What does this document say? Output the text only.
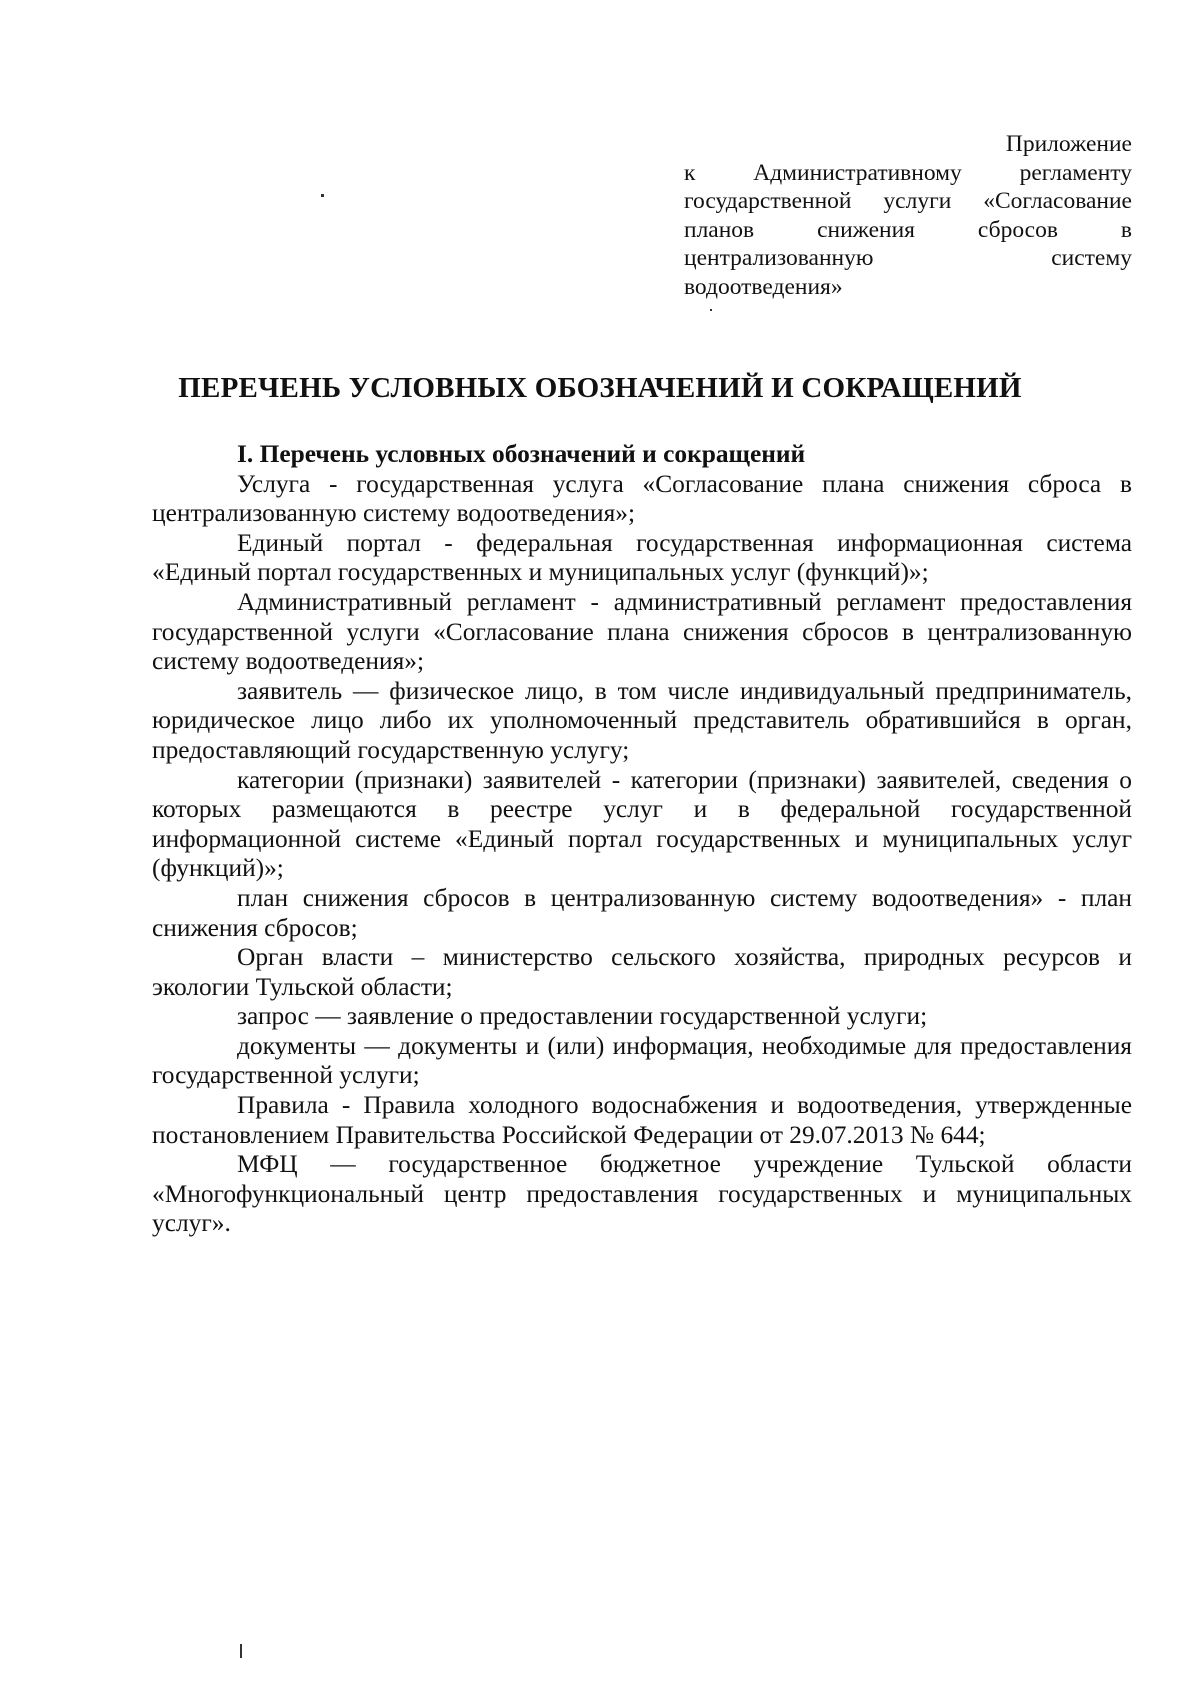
Приложение
к Административному регламенту
государственной услуги «Согласование
планов снижения сбросов в
централизованную систему
водоотведения»
ПЕРЕЧЕНЬ УСЛОВНЫХ ОБОЗНАЧЕНИЙ И СОКРАЩЕНИЙ

I. Перечень условных обозначений и сокращений

Услуга - государственная услуга «Согласование плана снижения сброса в централизованную систему водоотведения»;

Единый портал - федеральная государственная информационная система «Единый портал государственных и муниципальных услуг (функций)»;

Административный регламент - административный регламент предоставления государственной услуги «Согласование плана снижения сбросов в централизованную систему водоотведения»;

заявитель — физическое лицо, в том числе индивидуальный предприниматель, юридическое лицо либо их уполномоченный представитель обратившийся в орган, предоставляющий государственную услугу;

категории (признаки) заявителей - категории (признаки) заявителей, сведения о которых размещаются в реестре услуг и в федеральной государственной информационной системе «Единый портал государственных и муниципальных услуг (функций)»;

план снижения сбросов в централизованную систему водоотведения» - план снижения сбросов;

Орган власти – министерство сельского хозяйства, природных ресурсов и экологии Тульской области;

запрос — заявление о предоставлении государственной услуги;

документы — документы и (или) информация, необходимые для предоставления государственной услуги;

Правила - Правила холодного водоснабжения и водоотведения, утвержденные постановлением Правительства Российской Федерации от 29.07.2013 № 644;

МФЦ — государственное бюджетное учреждение Тульской области «Многофункциональный центр предоставления государственных и муниципальных услуг».
